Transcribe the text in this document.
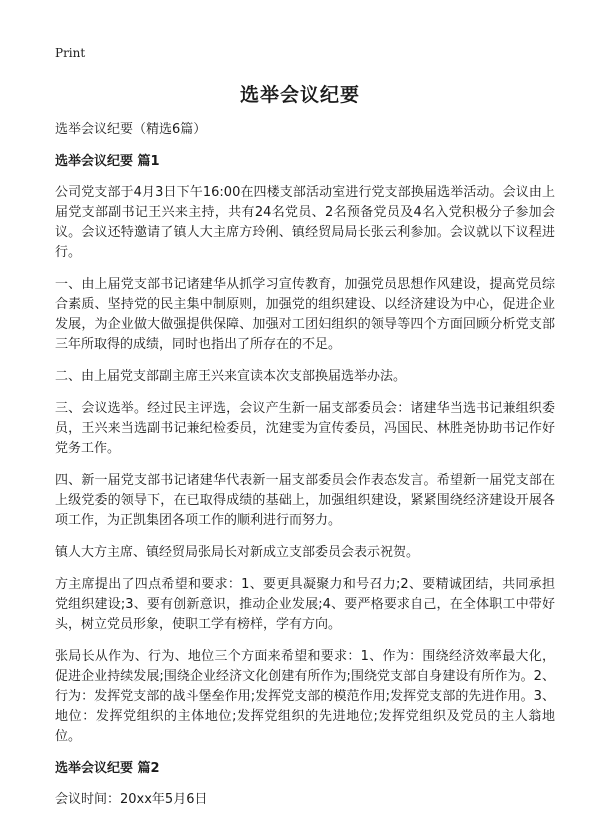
Print
选举会议纪要

选举会议纪要（精选6篇）

选举会议纪要 篇1

公司党支部于4月3日下午16:00在四楼支部活动室进行党支部换届选举活动。会议由上届党支部副书记王兴来主持，共有24名党员、2名预备党员及4名入党积极分子参加会议。会议还特邀请了镇人大主席方玲俐、镇经贸局局长张云利参加。会议就以下议程进行。

一、由上届党支部书记诸建华从抓学习宣传教育，加强党员思想作风建设，提高党员综合素质、坚持党的民主集中制原则，加强党的组织建设、以经济建设为中心，促进企业发展，为企业做大做强提供保障、加强对工团妇组织的领导等四个方面回顾分析党支部三年所取得的成绩，同时也指出了所存在的不足。

二、由上届党支部副主席王兴来宣读本次支部换届选举办法。

三、会议选举。经过民主评选，会议产生新一届支部委员会：诸建华当选书记兼组织委员，王兴来当选副书记兼纪检委员，沈建雯为宣传委员，冯国民、林胜尧协助书记作好党务工作。

四、新一届党支部书记诸建华代表新一届支部委员会作表态发言。希望新一届党支部在上级党委的领导下，在已取得成绩的基础上，加强组织建设，紧紧围绕经济建设开展各项工作，为正凯集团各项工作的顺利进行而努力。

镇人大方主席、镇经贸局张局长对新成立支部委员会表示祝贺。

方主席提出了四点希望和要求：1、要更具凝聚力和号召力;2、要精诚团结，共同承担党组织建设;3、要有创新意识，推动企业发展;4、要严格要求自己，在全体职工中带好头，树立党员形象，使职工学有榜样，学有方向。

张局长从作为、行为、地位三个方面来希望和要求：1、作为：围绕经济效率最大化，促进企业持续发展;围绕企业经济文化创建有所作为;围绕党支部自身建设有所作为。2、行为：发挥党支部的战斗堡垒作用;发挥党支部的模范作用;发挥党支部的先进作用。3、地位：发挥党组织的主体地位;发挥党组织的先进地位;发挥党组织及党员的主人翁地位。

选举会议纪要 篇2

会议时间：20xx年5月6日
